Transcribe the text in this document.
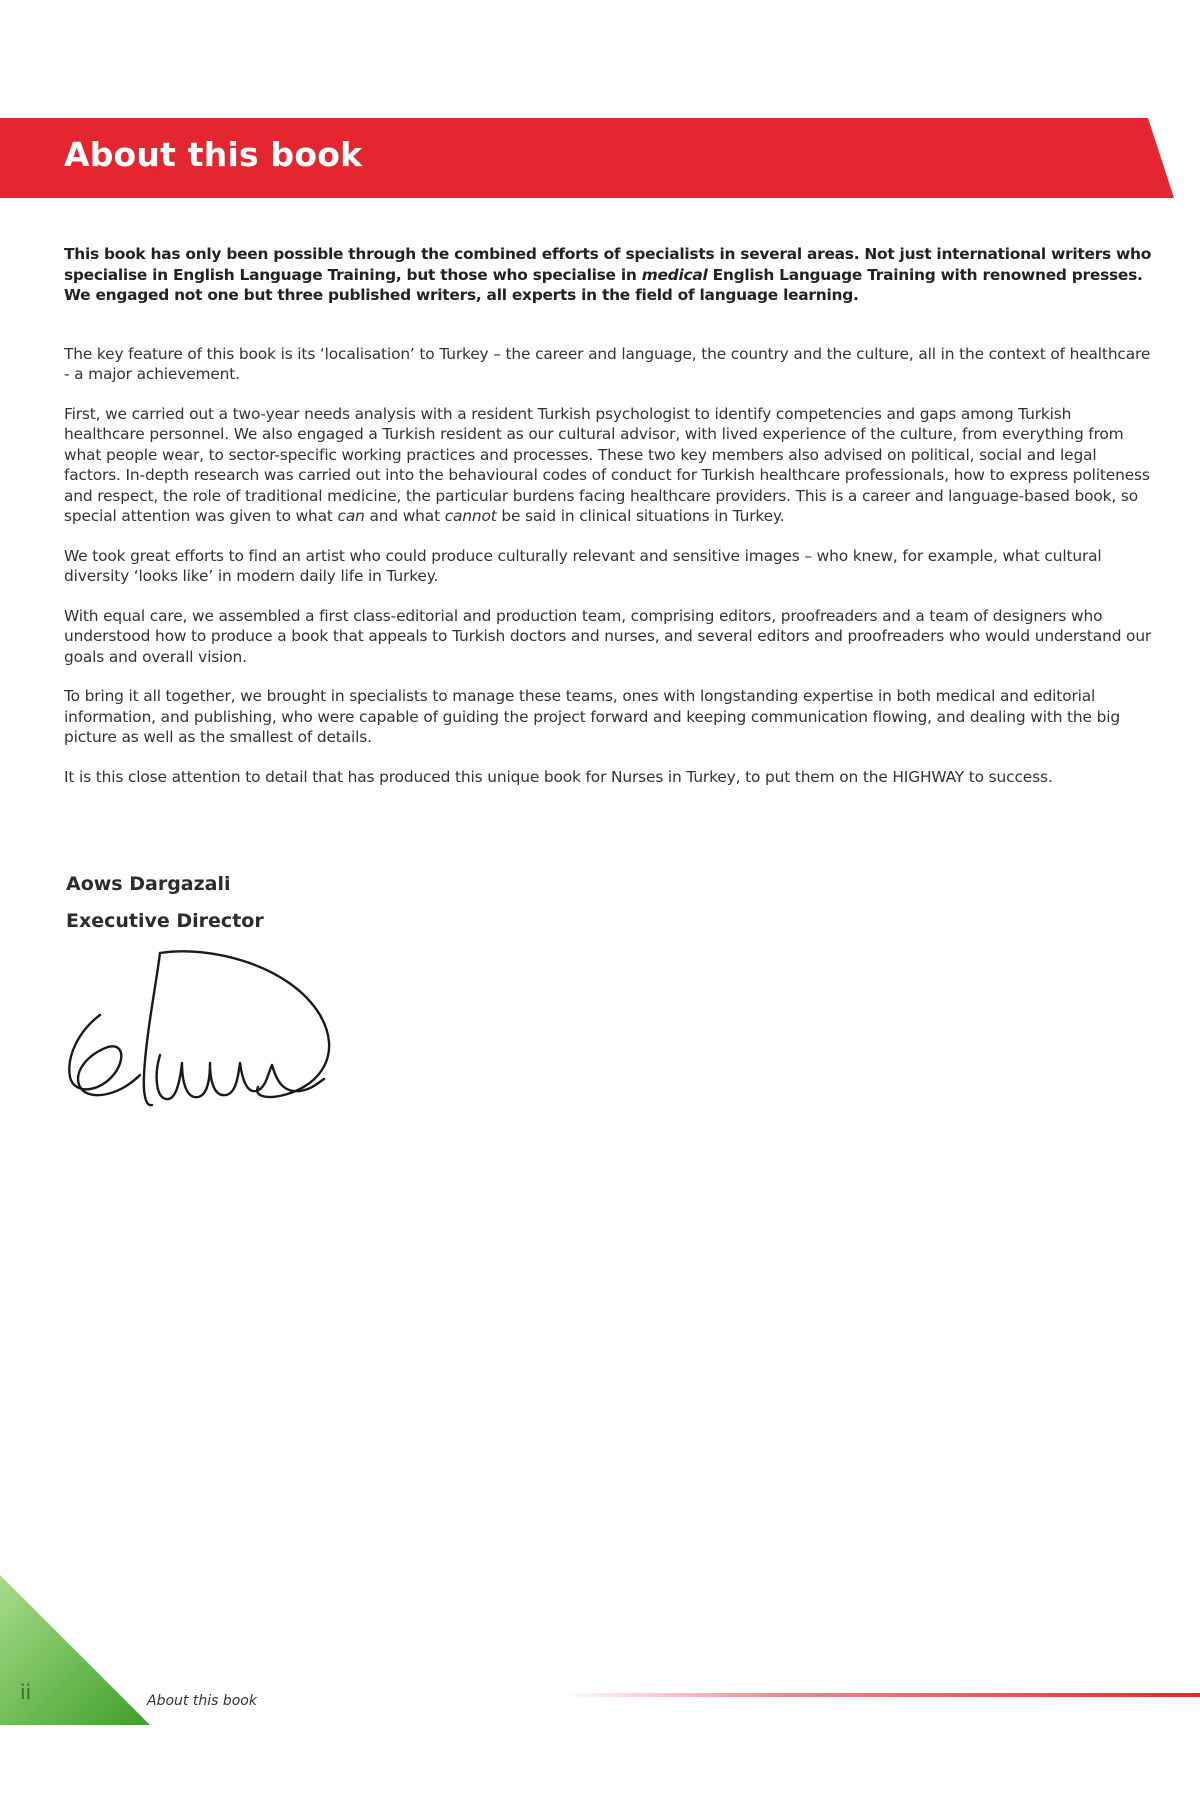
About this book

This book has only been possible through the combined efforts of specialists in several areas. Not just international writers who specialise in English Language Training, but those who specialise in medical English Language Training with renowned presses. We engaged not one but three published writers, all experts in the field of language learning.

The key feature of this book is its ‘localisation’ to Turkey – the career and language, the country and the culture, all in the context of healthcare - a major achievement.

First, we carried out a two-year needs analysis with a resident Turkish psychologist to identify competencies and gaps among Turkish healthcare personnel. We also engaged a Turkish resident as our cultural advisor, with lived experience of the culture, from everything from what people wear, to sector-specific working practices and processes. These two key members also advised on political, social and legal factors. In-depth research was carried out into the behavioural codes of conduct for Turkish healthcare professionals, how to express politeness and respect, the role of traditional medicine, the particular burdens facing healthcare providers. This is a career and language-based book, so special attention was given to what can and what cannot be said in clinical situations in Turkey.

We took great efforts to find an artist who could produce culturally relevant and sensitive images – who knew, for example, what cultural diversity ‘looks like’ in modern daily life in Turkey.

With equal care, we assembled a first class-editorial and production team, comprising editors, proofreaders and a team of designers who understood how to produce a book that appeals to Turkish doctors and nurses, and several editors and proofreaders who would understand our goals and overall vision.

To bring it all together, we brought in specialists to manage these teams, ones with longstanding expertise in both medical and editorial information, and publishing, who were capable of guiding the project forward and keeping communication flowing, and dealing with the big picture as well as the smallest of details.

It is this close attention to detail that has produced this unique book for Nurses in Turkey, to put them on the HIGHWAY to success.

Aows Dargazali

Executive Director

ii	About this book
